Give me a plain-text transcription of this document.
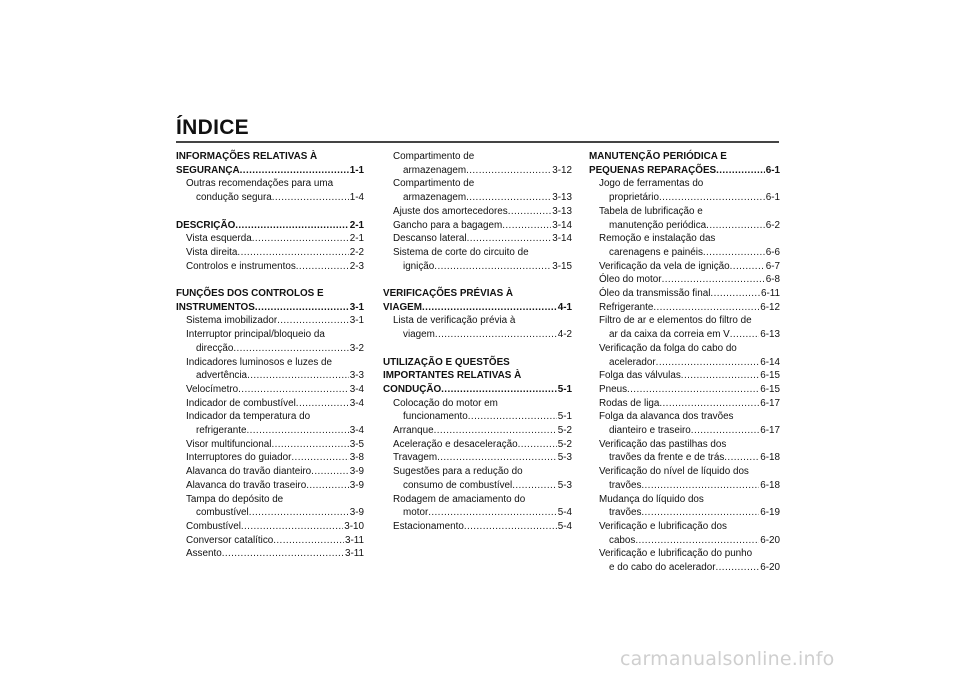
ÍNDICE
INFORMAÇÕES RELATIVAS À
SEGURANÇA .....	1-1
Outras recomendações para uma
condução segura .....	1-4
DESCRIÇÃO .....	2-1
Vista esquerda .....	2-1
Vista direita .....	2-2
Controlos e instrumentos .....	2-3
FUNÇÕES DOS CONTROLOS E
INSTRUMENTOS .....	3-1
Sistema imobilizador .....	3-1
Interruptor principal/bloqueio da
direcção .....	3-2
Indicadores luminosos e luzes de
advertência .....	3-3
Velocímetro .....	3-4
Indicador de combustível .....	3-4
Indicador da temperatura do
refrigerante .....	3-4
Visor multifuncional .....	3-5
Interruptores do guiador .....	3-8
Alavanca do travão dianteiro .....	3-9
Alavanca do travão traseiro .....	3-9
Tampa do depósito de
combustível .....	3-9
Combustível .....	3-10
Conversor catalítico .....	3-11
Assento .....	3-11
Compartimento de
armazenagem .....	3-12
Compartimento de
armazenagem .....	3-13
Ajuste dos amortecedores .....	3-13
Gancho para a bagagem .....	3-14
Descanso lateral .....	3-14
Sistema de corte do circuito de
ignição .....	3-15
VERIFICAÇÕES PRÉVIAS À
VIAGEM .....	4-1
Lista de verificação prévia à
viagem .....	4-2
UTILIZAÇÃO E QUESTÕES
IMPORTANTES RELATIVAS À
CONDUÇÃO .....	5-1
Colocação do motor em
funcionamento .....	5-1
Arranque .....	5-2
Aceleração e desaceleração .....	5-2
Travagem .....	5-3
Sugestões para a redução do
consumo de combustível .....	5-3
Rodagem de amaciamento do
motor .....	5-4
Estacionamento .....	5-4
MANUTENÇÃO PERIÓDICA E
PEQUENAS REPARAÇÕES .....	6-1
Jogo de ferramentas do
proprietário .....	6-1
Tabela de lubrificação e
manutenção periódica .....	6-2
Remoção e instalação das
carenagens e painéis .....	6-6
Verificação da vela de ignição .....	6-7
Óleo do motor .....	6-8
Óleo da transmissão final .....	6-11
Refrigerante .....	6-12
Filtro de ar e elementos do filtro de
ar da caixa da correia em V .....	6-13
Verificação da folga do cabo do
acelerador .....	6-14
Folga das válvulas .....	6-15
Pneus .....	6-15
Rodas de liga .....	6-17
Folga da alavanca dos travões
dianteiro e traseiro .....	6-17
Verificação das pastilhas dos
travões da frente e de trás .....	6-18
Verificação do nível de líquido dos
travões .....	6-18
Mudança do líquido dos
travões .....	6-19
Verificação e lubrificação dos
cabos .....	6-20
Verificação e lubrificação do punho
e do cabo do acelerador .....	6-20
carmanualsonline.info
